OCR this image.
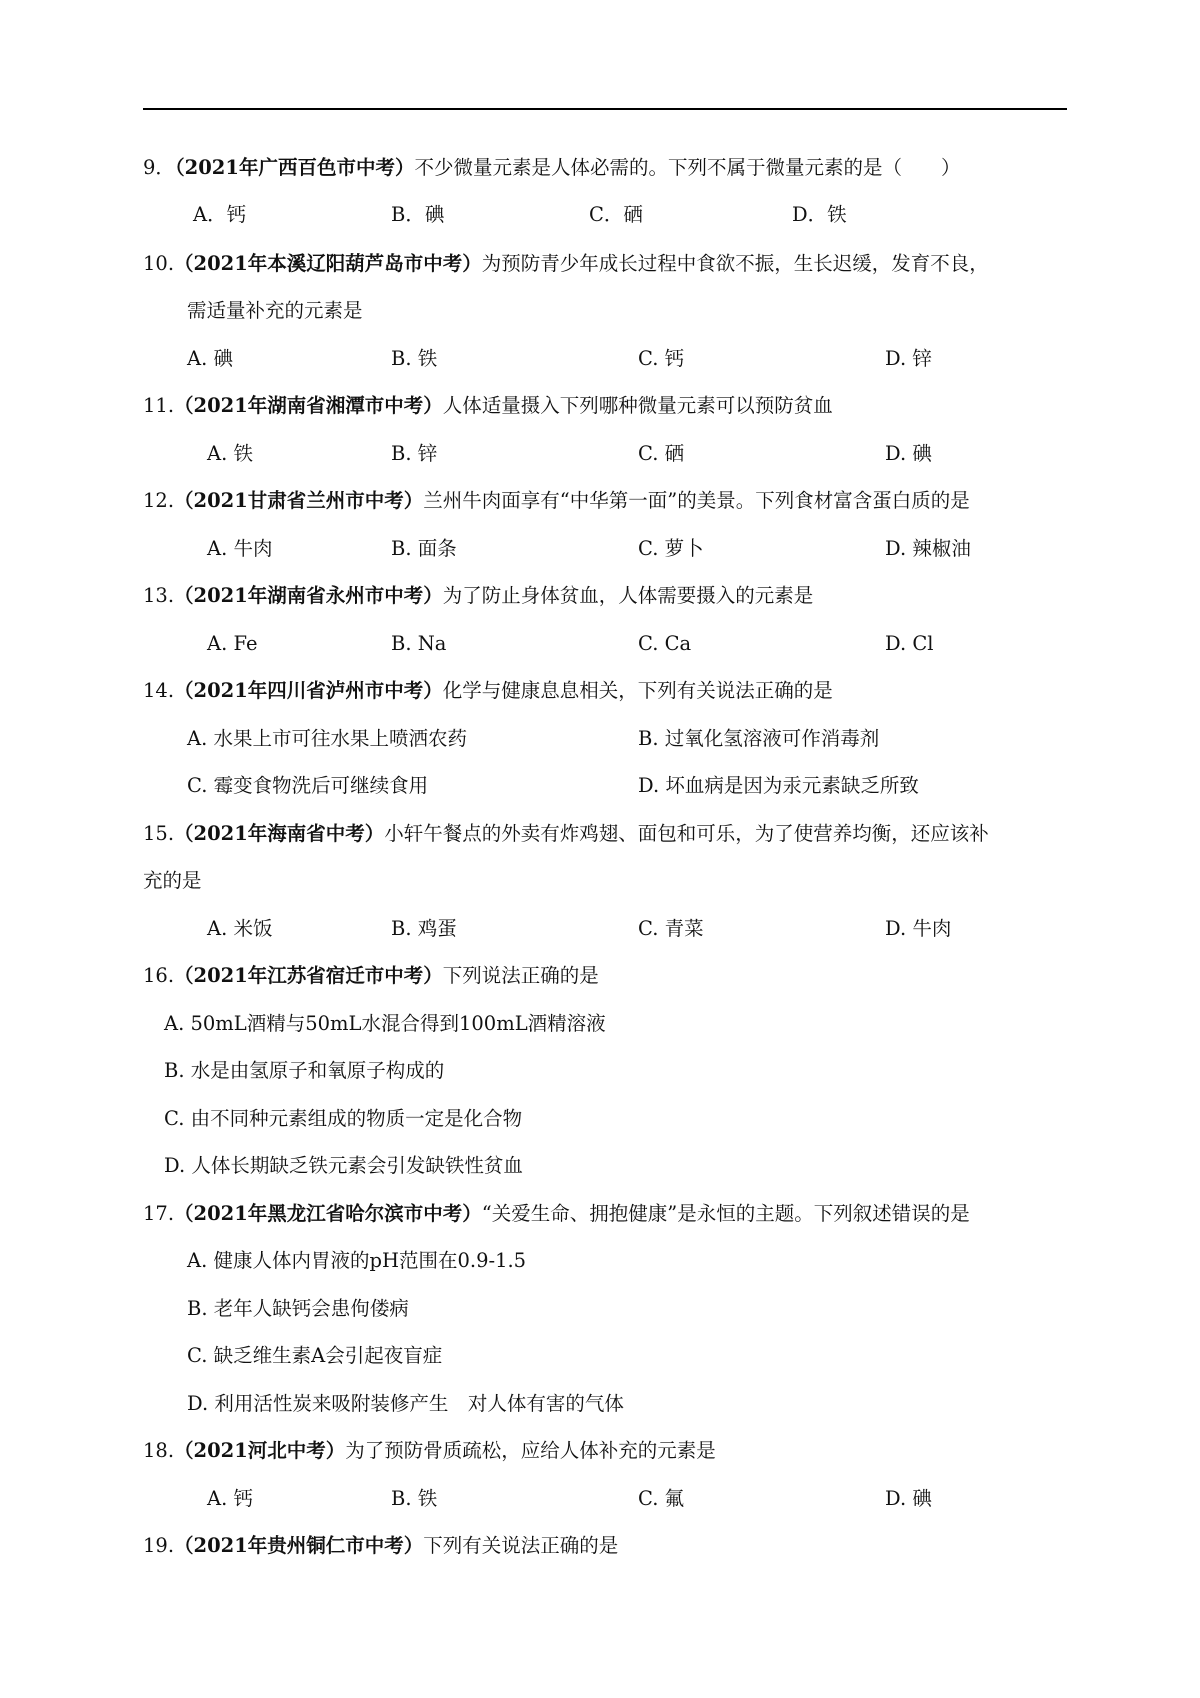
9．（2021年广西百色市中考）不少微量元素是人体必需的。下列不属于微量元素的是（　　）
A．钙	B．碘	C．硒	D．铁
10.（2021年本溪辽阳葫芦岛市中考）为预防青少年成长过程中食欲不振，生长迟缓，发育不良，
需适量补充的元素是
A. 碘	B. 铁	C. 钙	D. 锌
11.（2021年湖南省湘潭市中考）人体适量摄入下列哪种微量元素可以预防贫血
A. 铁	B. 锌	C. 硒	D. 碘
12.（2021甘肃省兰州市中考）兰州牛肉面享有“中华第一面”的美景。下列食材富含蛋白质的是
A. 牛肉	B. 面条	C. 萝卜	D. 辣椒油
13.（2021年湖南省永州市中考）为了防止身体贫血，人体需要摄入的元素是
A. Fe	B. Na	C. Ca	D. Cl
14.（2021年四川省泸州市中考）化学与健康息息相关，下列有关说法正确的是
A. 水果上市可往水果上喷洒农药	B. 过氧化氢溶液可作消毒剂
C. 霉变食物洗后可继续食用	D. 坏血病是因为汞元素缺乏所致
15.（2021年海南省中考）小轩午餐点的外卖有炸鸡翅、面包和可乐，为了使营养均衡，还应该补
充的是
A. 米饭	B. 鸡蛋	C. 青菜	D. 牛肉
16.（2021年江苏省宿迁市中考）下列说法正确的是
A. 50mL酒精与50mL水混合得到100mL酒精溶液
B. 水是由氢原子和氧原子构成的
C. 由不同种元素组成的物质一定是化合物
D. 人体长期缺乏铁元素会引发缺铁性贫血
17.（2021年黑龙江省哈尔滨市中考）“关爱生命、拥抱健康”是永恒的主题。下列叙述错误的是
A. 健康人体内胃液的pH范围在0.9-1.5
B. 老年人缺钙会患佝偻病
C. 缺乏维生素A会引起夜盲症
D. 利用活性炭来吸附装修产生　对人体有害的气体
18.（2021河北中考）为了预防骨质疏松，应给人体补充的元素是
A. 钙	B. 铁	C. 氟	D. 碘
19.（2021年贵州铜仁市中考）下列有关说法正确的是
